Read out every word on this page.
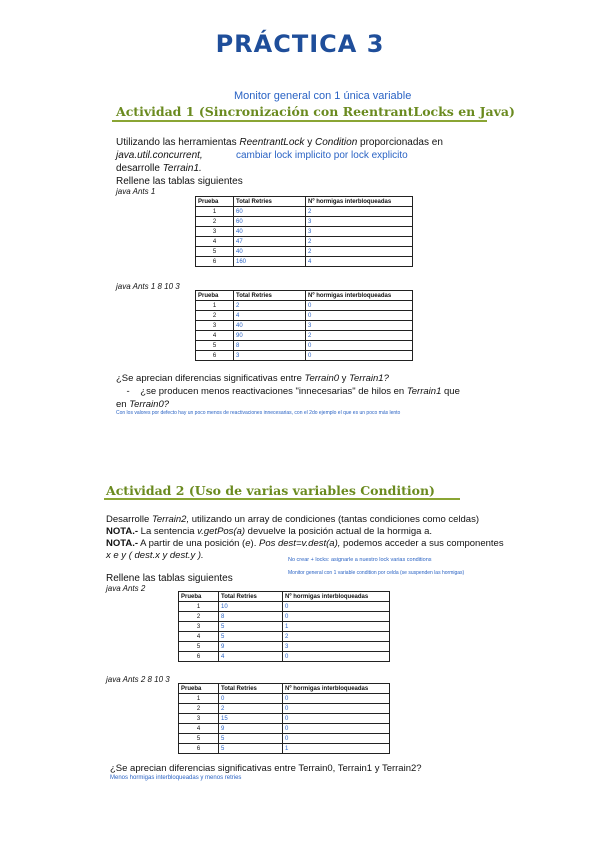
PRÁCTICA 3
Monitor general con 1 única variable
Actividad 1 (Sincronización con ReentrantLocks en Java)
Utilizando las herramientas ReentrantLock y Condition proporcionadas en java.util.concurrent,
desarrolle Terrain1.
cambiar lock implicito por lock explicito
Rellene las tablas siguientes
java Ants 1
Prueba	Total Retries	Nº hormigas interbloqueadas
1	60	2
2	60	3
3	40	3
4	47	2
5	40	2
6	160	4
java Ants 1 8 10 3
Prueba	Total Retries	Nº hormigas interbloqueadas
1	2	0
2	4	0
3	40	3
4	90	2
5	8	0
6	3	0
¿Se aprecian diferencias significativas entre Terrain0 y Terrain1?
-    ¿se producen menos reactivaciones "innecesarias" de hilos en Terrain1 que
en Terrain0?
Con los valores por defecto hay un poco menos de reactivaciones innecesarias, con el 2do ejemplo el que es un poco más lento
Actividad 2 (Uso de varias variables Condition)
Desarrolle Terrain2, utilizando un array de condiciones (tantas condiciones como celdas)
NOTA.- La sentencia v.getPos(a) devuelve la posición actual de la hormiga a.
NOTA.- A partir de una posición (e). Pos dest=v.dest(a), podemos acceder a sus componentes
x e y ( dest.x y dest.y ).	No crear + locks: asignarle a nuestro lock varias conditions
Monitor general con 1 variable condition por celda (se suspenden las hormigas)
Rellene las tablas siguientes
java Ants 2
Prueba	Total Retries	Nº hormigas interbloqueadas
1	10	0
2	8	0
3	5	1
4	5	2
5	9	3
6	4	0
java Ants 2 8 10 3
Prueba	Total Retries	Nº hormigas interbloqueadas
1	0	0
2	2	0
3	15	0
4	9	0
5	5	0
6	5	1
¿Se aprecian diferencias significativas entre Terrain0, Terrain1 y Terrain2?
Menos hormigas interbloqueadas y menos retries
